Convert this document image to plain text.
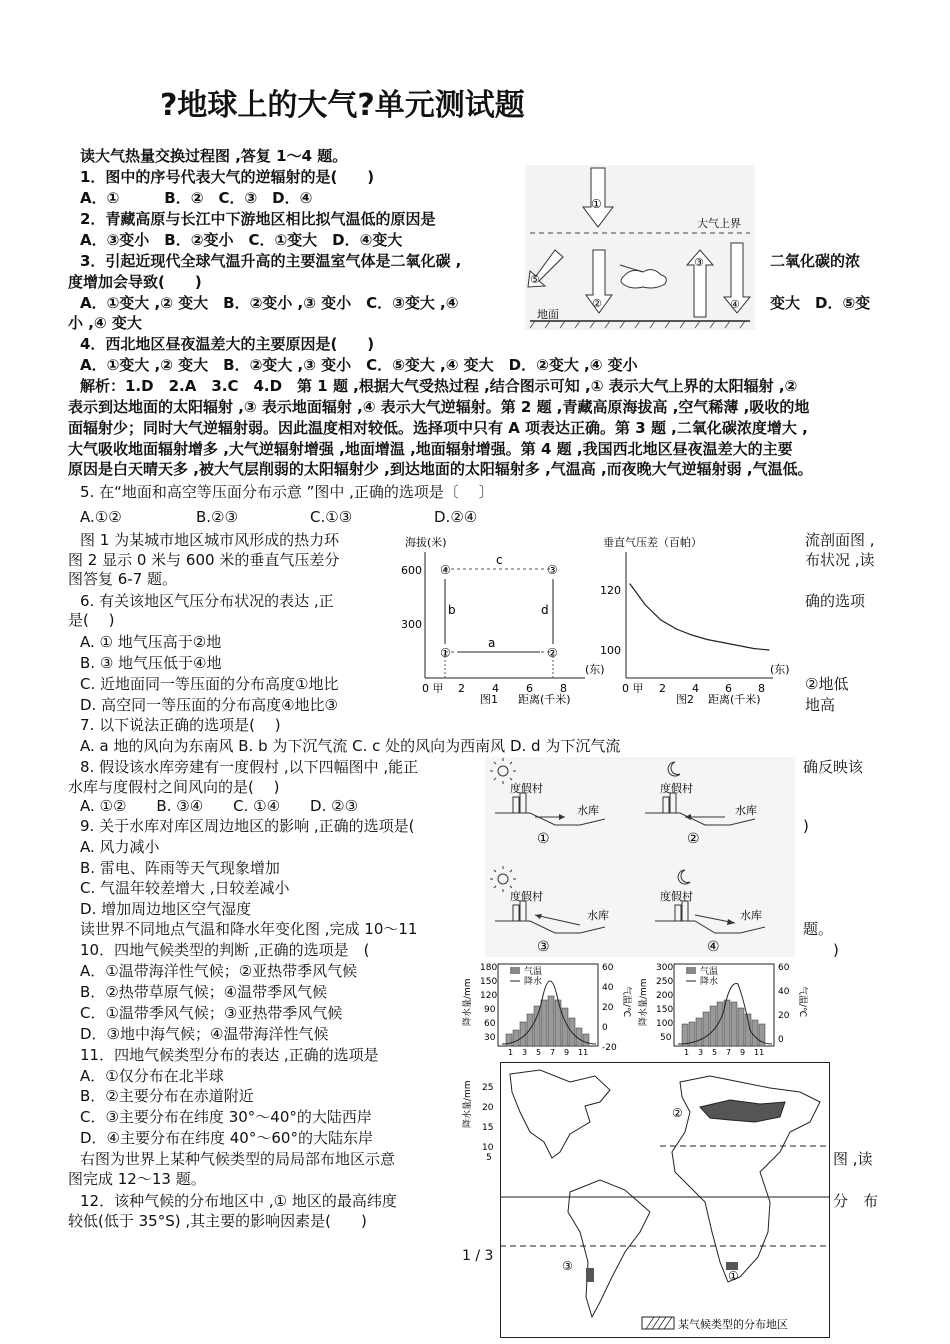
?地球上的大气?单元测试题
读大气热量交换过程图 ,答复 1～4 题。
1．图中的序号代表大气的逆辐射的是(　　)
A．①　　　B．②　C．③　D．④
2．青藏高原与长江中下游地区相比拟气温低的原因是
A．③变小　B．②变小　C．①变大　D．④变大
3．引起近现代全球气温升高的主要温室气体是二氧化碳 ,	二氧化碳的浓
度增加会导致(　　)
A．①变大 ,② 变大　B．②变小 ,③ 变小　C．③变大 ,④	变大　D．⑤变
小 ,④ 变大
4．西北地区昼夜温差大的主要原因是(　　)
A．①变大 ,② 变大　B．②变大 ,③ 变小　C．⑤变大 ,④ 变大　D．②变大 ,④ 变小
解析：1.D　2.A　3.C　4.D　第 1 题 ,根据大气受热过程 ,结合图示可知 ,① 表示大气上界的太阳辐射 ,②
表示到达地面的太阳辐射 ,③ 表示地面辐射 ,④ 表示大气逆辐射。第 2 题 ,青藏高原海拔高 ,空气稀薄 ,吸收的地
面辐射少；同时大气逆辐射弱。因此温度相对较低。选择项中只有 A 项表达正确。第 3 题 ,二氧化碳浓度增大 ,
大气吸收地面辐射增多 ,大气逆辐射增强 ,地面增温 ,地面辐射增强。第 4 题 ,我国西北地区昼夜温差大的主要
原因是白天晴天多 ,被大气层削弱的太阳辐射少 ,到达地面的太阳辐射多 ,气温高 ,而夜晚大气逆辐射弱 ,气温低。
5. 在“地面和高空等压面分布示意 ”图中 ,正确的选项是〔　 〕
A.①②	B.②③	C.①③	D.②④
图 1 为某城市地区城市风形成的热力环	流剖面图 ,
图 2 显示 0 米与 600 米的垂直气压差分	布状况 ,读
图答复 6-7 题。
6. 有关该地区气压分布状况的表达 ,正	确的选项
是(　 )
A. ① 地气压高于②地
B. ③ 地气压低于④地
C. 近地面同一等压面的分布高度①地比	②地低
D. 高空同一等压面的分布高度④地比③	地高
7. 以下说法正确的选项是(　 )
A. a 地的风向为东南风 B. b 为下沉气流 C. c 处的风向为西南风 D. d 为下沉气流
8. 假设该水库旁建有一度假村 ,以下四幅图中 ,能正	确反映该
水库与度假村之间风向的是(　 )
A. ①②　　B. ③④　　C. ①④　　D. ②③
9. 关于水库对库区周边地区的影响 ,正确的选项是(	)
A. 风力减小
B. 雷电、阵雨等天气现象增加
C. 气温年较差增大 ,日较差减小
D. 增加周边地区空气湿度
读世界不同地点气温和降水年变化图 ,完成 10～11	题。
10．四地气候类型的判断 ,正确的选项是　(	)
A．①温带海洋性气候；②亚热带季风气候
B．②热带草原气候；④温带季风气候
C．①温带季风气候；③亚热带季风气候
D．③地中海气候；④温带海洋性气候
11．四地气候类型分布的表达 ,正确的选项是
A．①仅分布在北半球
B．②主要分布在赤道附近
C．③主要分布在纬度 30°～40°的大陆西岸
D．④主要分布在纬度 40°～60°的大陆东岸
右图为世界上某种气候类型的局局部布地区示意	图 ,读
图完成 12～13 题。
12．该种气候的分布地区中 ,① 地区的最高纬度	分　布
较低(低于 35°S) ,其主要的影响因素是(　　)
大气上界
地面
①
②
③
④
⑤
海拔(米)
600
300
④
①
③
②
a
b
c
d
0 甲 2 4 6 8
(东)
距离(千米)
图1
垂直气压差（百帕）
120
100
0 甲 2 4 6 8
(东)
距离(千米)
图2
度假村
水库
①
度假村
水库
②
度假村
水库
③
度假村
水库
④
降水量/mm
180
150
120
90
60
30
气温
降水
60
40
20
0
-20
气温/℃
1 3 5 7 9 11
降水量/mm
300
250
200
150
100
50
气温
降水
60
40
20
0
气温/℃
1 3 5 7 9 11
降水量/mm 25
20
15
10
5
①
②
③
某气候类型的分布地区
1 / 3
